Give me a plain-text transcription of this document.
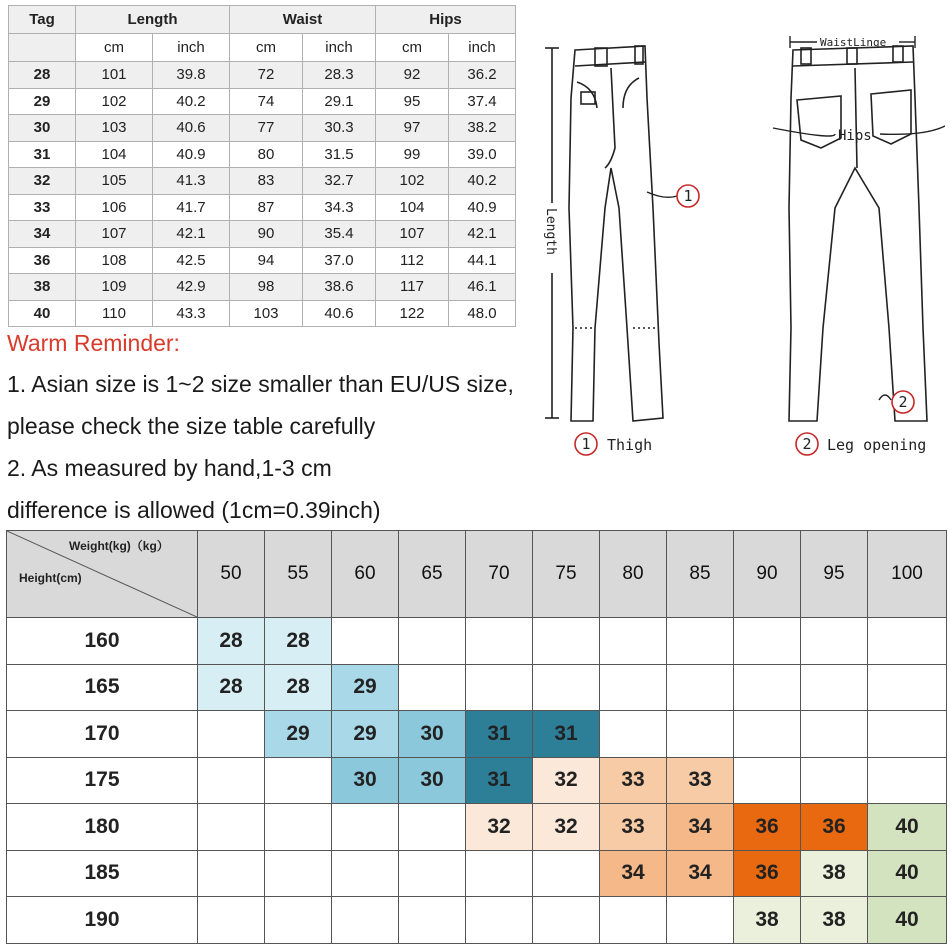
Tag	Length		Waist		Hips	
	cm	inch	cm	inch	cm	inch
28	101	39.8	72	28.3	92	36.2
29	102	40.2	74	29.1	95	37.4
30	103	40.6	77	30.3	97	38.2
31	104	40.9	80	31.5	99	39.0
32	105	41.3	83	32.7	102	40.2
33	106	41.7	87	34.3	104	40.9
34	107	42.1	90	35.4	107	42.1
36	108	42.5	94	37.0	112	44.1
38	109	42.9	98	38.6	117	46.1
40	110	43.3	103	40.6	122	48.0
Warm Reminder:
1. Asian size is 1~2 size smaller than EU/US size,
please check the size table carefully
2. As measured by hand,1-3 cm
difference is allowed (1cm=0.39inch)
Length
WaistLinge
Hips
1
2
1 Thigh	2 Leg opening
Weight(kg)（kg）
Height(cm)	50	55	60	65	70	75	80	85	90	95	100
160	28	28									
165	28	28	29								
170		29	29	30	31	31					
175			30	30	31	32	33	33			
180					32	32	33	34	36	36	40
185							34	34	36	38	40
190									38	38	40
